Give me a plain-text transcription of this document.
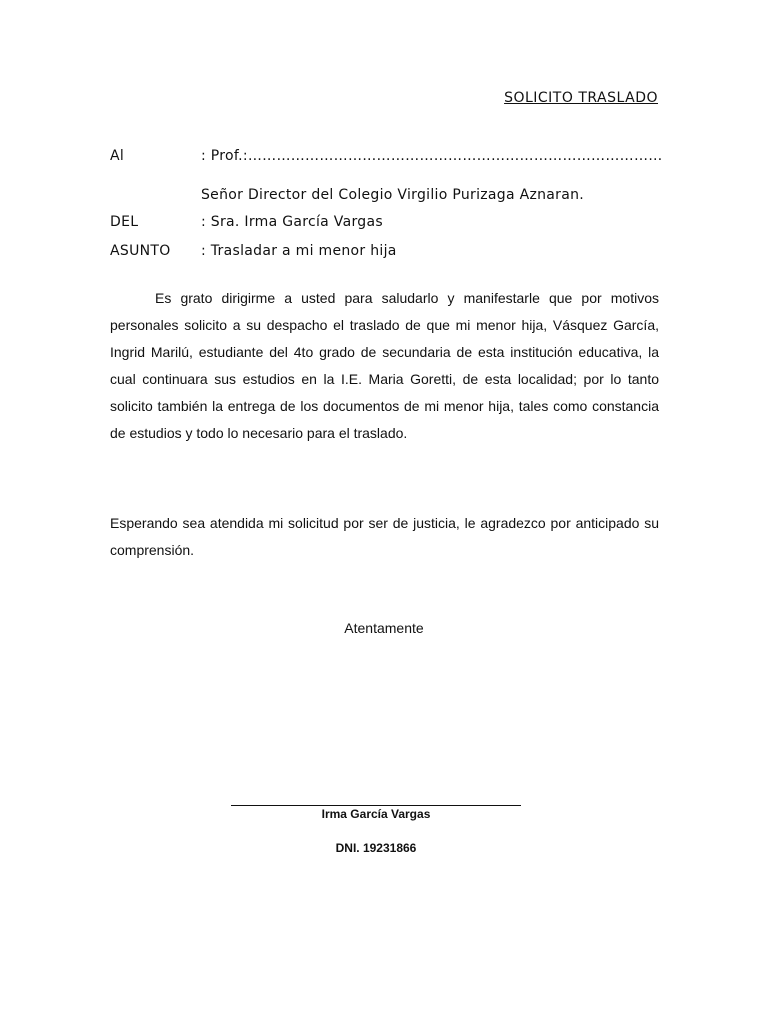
SOLICITO TRASLADO
Al	: Prof.:……………………………………………………………………………
Señor Director del Colegio Virgilio Purizaga Aznaran.
DEL	: Sra. Irma García Vargas
ASUNTO : Trasladar a mi menor hija
Es grato dirigirme a usted para saludarlo y manifestarle que por motivos personales solicito a su despacho el traslado de que mi menor hija, Vásquez García, Ingrid Marilú, estudiante del 4to grado de secundaria de esta institución educativa, la cual continuara sus estudios en la I.E. Maria Goretti, de esta localidad; por lo tanto solicito también la entrega de los documentos de mi menor hija, tales como constancia de estudios y todo lo necesario para el traslado.
Esperando sea atendida mi solicitud por ser de justicia, le agradezco por anticipado su comprensión.
Atentamente
Irma García Vargas
DNI. 19231866
